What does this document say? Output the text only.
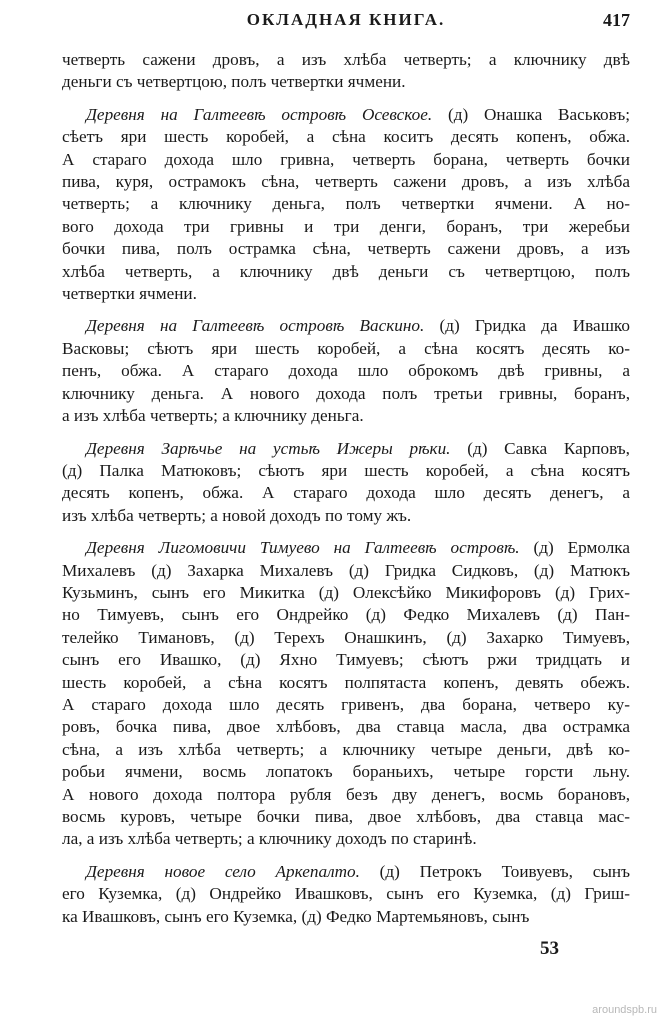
ОКЛАДНАЯ КНИГА.	417
четверть сажени дровъ, а изъ хлѣба четверть; а ключнику двѣ
деньги съ четвертцою, полъ четвертки ячмени.
Деревня на Галтеевѣ островѣ Осевское. (д) Онашка Васьковъ;
сѣетъ яри шесть коробей, а сѣна коситъ десять копенъ, обжа.
А стараго дохода шло гривна, четверть борана, четверть бочки
пива, куря, острамокъ сѣна, четверть сажени дровъ, а изъ хлѣба
четверть; а ключнику деньга, полъ четвертки ячмени. А но-
вого дохода три гривны и три денги, боранъ, три жеребьи
бочки пива, полъ острамка сѣна, четверть сажени дровъ, а изъ
хлѣба четверть, а ключнику двѣ деньги съ четвертцою, полъ
четвертки ячмени.
Деревня на Галтеевѣ островѣ Васкино. (д) Гридка да Ивашко
Васковы; сѣютъ яри шесть коробей, а сѣна косятъ десять ко-
пенъ, обжа. А стараго дохода шло оброкомъ двѣ гривны, а
ключнику деньга. А нового дохода полъ третьи гривны, боранъ,
а изъ хлѣба четверть; а ключнику деньга.
Деревня Зарѣчье на устьѣ Ижеры рѣки. (д) Савка Карповъ,
(д) Палка Матюковъ; сѣютъ яри шесть коробей, а сѣна косятъ
десять копенъ, обжа. А стараго дохода шло десять денегъ, а
изъ хлѣба четверть; а новой доходъ по тому жъ.
Деревня Лигомовичи Тимуево на Галтеевѣ островѣ. (д) Ермолка
Михалевъ (д) Захарка Михалевъ (д) Гридка Сидковъ, (д) Матюкъ
Кузьминъ, сынъ его Микитка (д) Олексѣйко Микифоровъ (д) Грих-
но Тимуевъ, сынъ его Ондрейко (д) Федко Михалевъ (д) Пан-
телейко Тимановъ, (д) Терехъ Онашкинъ, (д) Захарко Тимуевъ,
сынъ его Ивашко, (д) Яхно Тимуевъ; сѣютъ ржи тридцать и
шесть коробей, а сѣна косятъ полпятаста копенъ, девять обежъ.
А стараго дохода шло десять гривенъ, два борана, четверо ку-
ровъ, бочка пива, двое хлѣбовъ, два ставца масла, два острамка
сѣна, а изъ хлѣба четверть; а ключнику четыре деньги, двѣ ко-
робьи ячмени, восмь лопатокъ бораньихъ, четыре горсти льну.
А нового дохода полтора рубля безъ дву денегъ, восмь борановъ,
восмь куровъ, четыре бочки пива, двое хлѣбовъ, два ставца мас-
ла, а изъ хлѣба четверть; а ключнику доходъ по старинѣ.
Деревня новое село Аркепалто. (д) Петрокъ Тоивуевъ, сынъ
его Куземка, (д) Ондрейко Ивашковъ, сынъ его Куземка, (д) Гриш-
ка Ивашковъ, сынъ его Куземка, (д) Федко Мартемьяновъ, сынъ
53
aroundspb.ru
